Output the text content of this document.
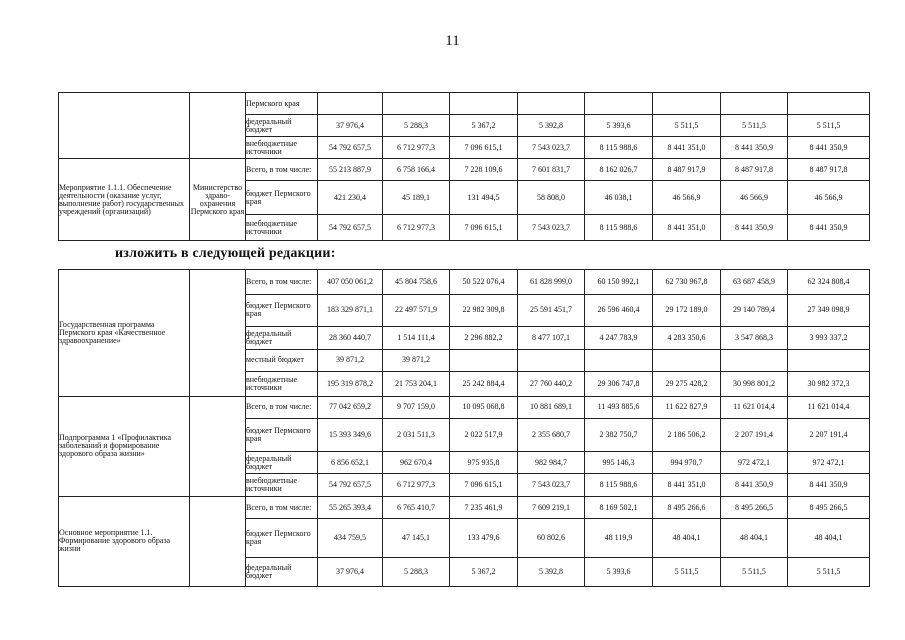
11
		Пермского края								
		федеральный бюджет	37 976,4	5 288,3	5 367,2	5 392,8	5 393,6	5 511,5	5 511,5	5 511,5
		внебюджетные источники	54 792 657,5	6 712 977,3	7 096 615,1	7 543 023,7	8 115 988,6	8 441 351,0	8 441 350,9	8 441 350,9
Мероприятие 1.1.1. Обеспечение деятельности (оказание услуг, выполнение работ) государственных учреждений (организаций)	Министерство здраво-охранения Пермского края	Всего, в том числе:	55 213 887,9	6 758 166,4	7 228 109,6	7 601 831,7	8 162 026,7	8 487 917,9	8 487 917,8	8 487 917,8
		бюджет Пермского края	421 230,4	45 189,1	131 494,5	58 808,0	46 038,1	46 566,9	46 566,9	46 566,9
		внебюджетные источники	54 792 657,5	6 712 977,3	7 096 615,1	7 543 023,7	8 115 988,6	8 441 351,0	8 441 350,9	8 441 350,9
изложить в следующей редакции:
Государственная программа Пермского края «Качественное здравоохранение»		Всего, в том числе:	407 050 061,2	45 804 758,6	50 522 076,4	61 828 999,0	60 150 992,1	62 730 967,8	63 687 458,9	62 324 808,4
		бюджет Пермского края	183 329 871,1	22 497 571,9	22 982 309,8	25 591 451,7	26 596 460,4	29 172 189,0	29 140 789,4	27 349 098,9
		федеральный бюджет	28 360 440,7	1 514 111,4	2 296 882,2	8 477 107,1	4 247 783,9	4 283 350,6	3 547 868,3	3 993 337,2
		местный бюджет	39 871,2	39 871,2						
		внебюджетные источники	195 319 878,2	21 753 204,1	25 242 884,4	27 760 440,2	29 306 747,8	29 275 428,2	30 998 801,2	30 982 372,3
Подпрограмма 1 «Профилактика заболеваний и формирование здорового образа жизни»		Всего, в том числе:	77 042 659,2	9 707 159,0	10 095 068,8	10 881 689,1	11 493 885,6	11 622 827,9	11 621 014,4	11 621 014,4
		бюджет Пермского края	15 393 349,6	2 031 511,3	2 022 517,9	2 355 680,7	2 382 750,7	2 186 506,2	2 207 191,4	2 207 191,4
		федеральный бюджет	6 856 652,1	962 670,4	975 935,8	982 984,7	995 146,3	994 970,7	972 472,1	972 472,1
		внебюджетные источники	54 792 657,5	6 712 977,3	7 096 615,1	7 543 023,7	8 115 988,6	8 441 351,0	8 441 350,9	8 441 350,9
Основное мероприятие 1.1. Формирование здорового образа жизни		Всего, в том числе:	55 265 393,4	6 765 410,7	7 235 461,9	7 609 219,1	8 169 502,1	8 495 266,6	8 495 266,5	8 495 266,5
		бюджет Пермского края	434 759,5	47 145,1	133 479,6	60 802,6	48 119,9	48 404,1	48 404,1	48 404,1
		федеральный бюджет	37 976,4	5 288,3	5 367,2	5 392,8	5 393,6	5 511,5	5 511,5	5 511,5
